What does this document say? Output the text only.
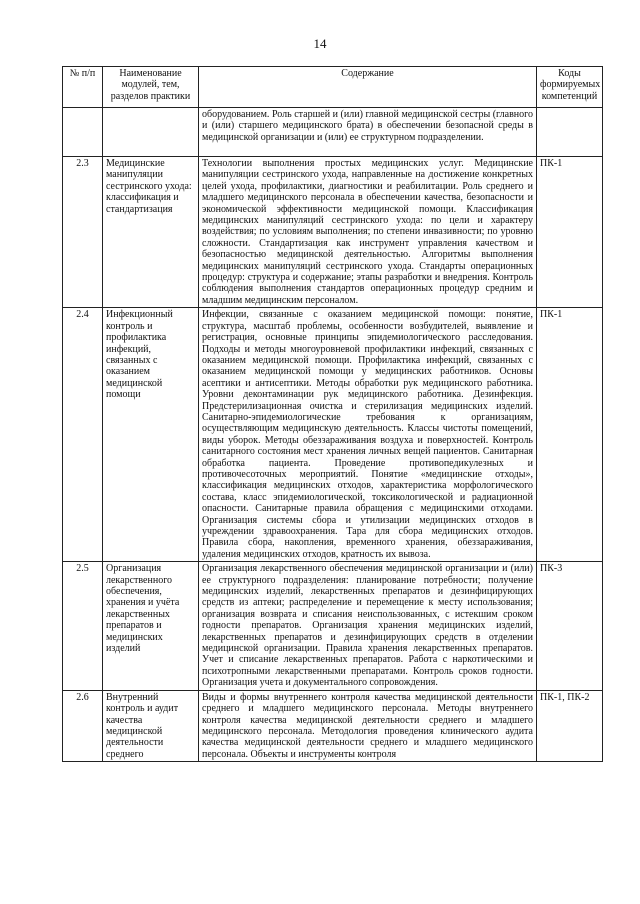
14
№ п/п	Наименование модулей, тем, разделов практики	Содержание	Коды формируемых компетенций
		оборудованием. Роль старшей и (или) главной медицинской сестры (главного и (или) старшего медицинского брата) в обеспечении безопасной среды в медицинской организации и (или) ее структурном подразделении.	
2.3	Медицинские манипуляции сестринского ухода: классификация и стандартизация	Технологии выполнения простых медицинских услуг. Медицинские манипуляции сестринского ухода, направленные на достижение конкретных целей ухода, профилактики, диагностики и реабилитации. Роль среднего и младшего медицинского персонала в обеспечении качества, безопасности и экономической эффективности медицинской помощи. Классификация медицинских манипуляций сестринского ухода: по цели и характеру воздействия; по условиям выполнения; по степени инвазивности; по уровню сложности. Стандартизация как инструмент управления качеством и безопасностью медицинской деятельностью. Алгоритмы выполнения медицинских манипуляций сестринского ухода. Стандарты операционных процедур: структура и содержание; этапы разработки и внедрения. Контроль соблюдения выполнения стандартов операционных процедур средним и младшим медицинским персоналом.	ПК-1
2.4	Инфекционный контроль и профилактика инфекций, связанных с оказанием медицинской помощи	Инфекции, связанные с оказанием медицинской помощи: понятие, структура, масштаб проблемы, особенности возбудителей, выявление и регистрация, основные принципы эпидемиологического расследования. Подходы и методы многоуровневой профилактики инфекций, связанных с оказанием медицинской помощи. Профилактика инфекций, связанных с оказанием медицинской помощи у медицинских работников. Основы асептики и антисептики. Методы обработки рук медицинского работника. Уровни деконтаминации рук медицинского работника. Дезинфекция. Предстерилизационная очистка и стерилизация медицинских изделий. Санитарно-эпидемиологические требования к организациям, осуществляющим медицинскую деятельность. Классы чистоты помещений, виды уборок. Методы обеззараживания воздуха и поверхностей. Контроль санитарного состояния мест хранения личных вещей пациентов. Санитарная обработка пациента. Проведение противопедикулезных и противочесоточных мероприятий. Понятие «медицинские отходы», классификация медицинских отходов, характеристика морфологического состава, класс эпидемиологической, токсикологической и радиационной опасности. Санитарные правила обращения с медицинскими отходами. Организация системы сбора и утилизации медицинских отходов в учреждении здравоохранения. Тара для сбора медицинских отходов. Правила сбора, накопления, временного хранения, обеззараживания, удаления медицинских отходов, кратность их вывоза.	ПК-1
2.5	Организация лекарственного обеспечения, хранения и учёта лекарственных препаратов и медицинских изделий	Организация лекарственного обеспечения медицинской организации и (или) ее структурного подразделения: планирование потребности; получение медицинских изделий, лекарственных препаратов и дезинфицирующих средств из аптеки; распределение и перемещение к месту использования; организация возврата и списания неиспользованных, с истекшим сроком годности препаратов. Организация хранения медицинских изделий, лекарственных препаратов и дезинфицирующих средств в отделении медицинской организации. Правила хранения лекарственных препаратов. Учет и списание лекарственных препаратов. Работа с наркотическими и психотропными лекарственными препаратами. Контроль сроков годности. Организация учета и документального сопровождения.	ПК-3
2.6	Внутренний контроль и аудит качества медицинской деятельности среднего	Виды и формы внутреннего контроля качества медицинской деятельности среднего и младшего медицинского персонала. Методы внутреннего контроля качества медицинской деятельности среднего и младшего медицинского персонала. Методология проведения клинического аудита качества медицинской деятельности среднего и младшего медицинского персонала. Объекты и инструменты контроля	ПК-1, ПК-2
